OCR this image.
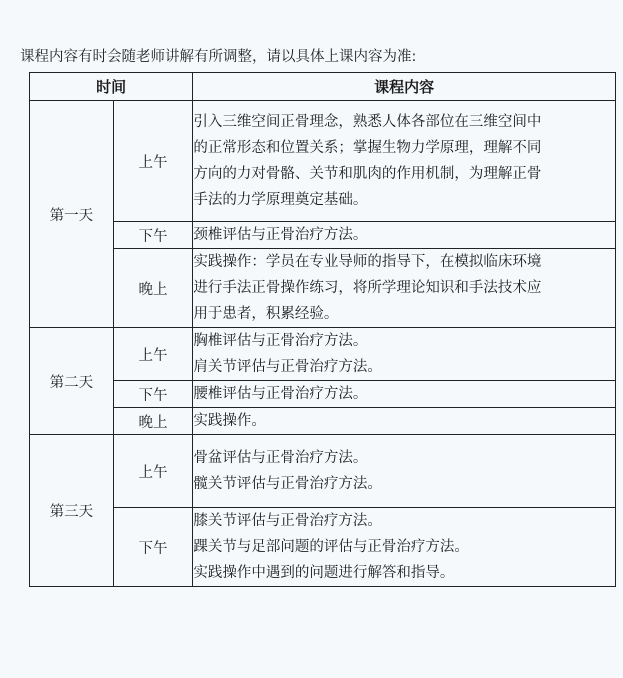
课程内容有时会随老师讲解有所调整，请以具体上课内容为准:
时间		课程内容
第一天	上午	引入三维空间正骨理念，熟悉人体各部位在三维空间中
的正常形态和位置关系；掌握生物力学原理，理解不同
方向的力对骨骼、关节和肌肉的作用机制，为理解正骨
手法的力学原理奠定基础。

	下午	颈椎评估与正骨治疗方法。

	晚上	实践操作：学员在专业导师的指导下，在模拟临床环境
进行手法正骨操作练习，将所学理论知识和手法技术应
用于患者，积累经验。

第二天	上午	胸椎评估与正骨治疗方法。
肩关节评估与正骨治疗方法。

	下午	腰椎评估与正骨治疗方法。

	晚上	实践操作。

第三天	上午	骨盆评估与正骨治疗方法。
髋关节评估与正骨治疗方法。

	下午	膝关节评估与正骨治疗方法。
踝关节与足部问题的评估与正骨治疗方法。
实践操作中遇到的问题进行解答和指导。
